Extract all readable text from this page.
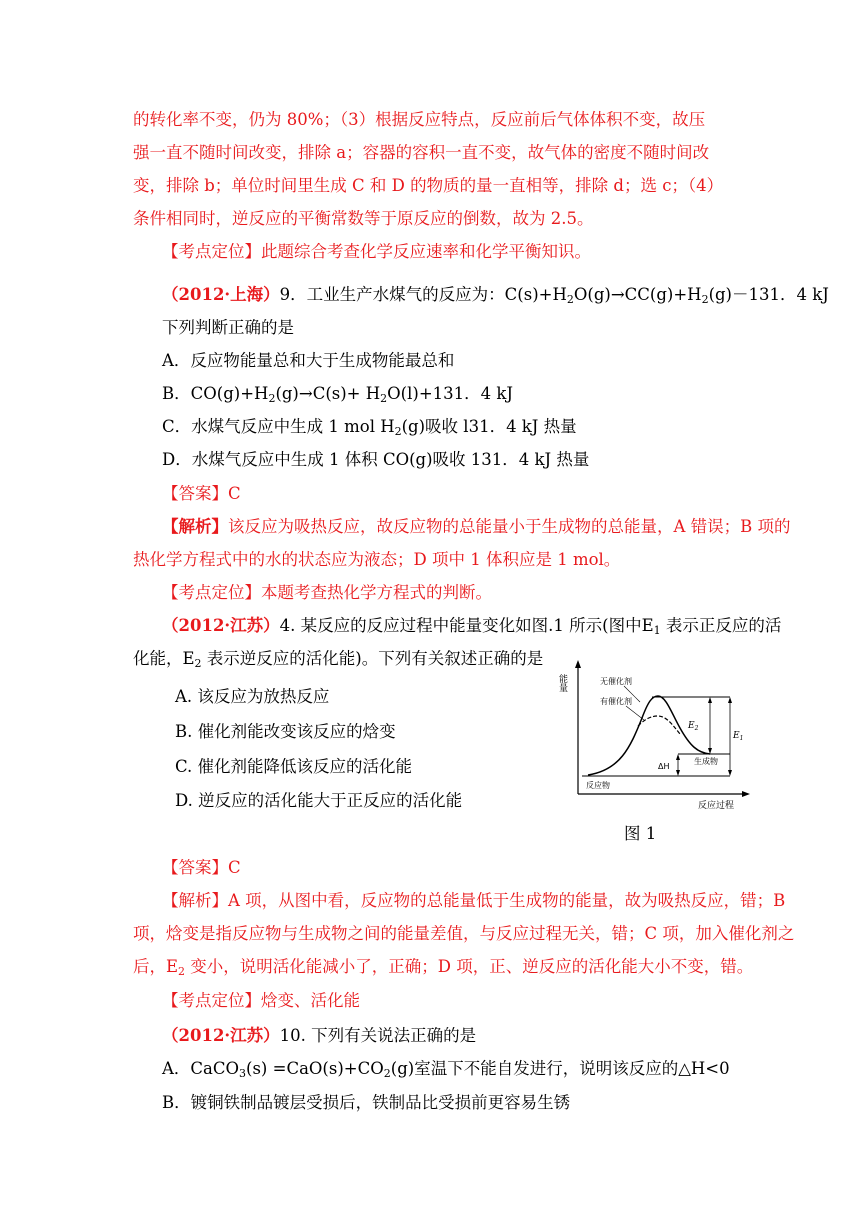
的转化率不变，仍为 80%；（3）根据反应特点，反应前后气体体积不变，故压
强一直不随时间改变，排除 a；容器的容积一直不变，故气体的密度不随时间改
变，排除 b；单位时间里生成 C 和 D 的物质的量一直相等，排除 d；选 c；（4）
条件相同时，逆反应的平衡常数等于原反应的倒数，故为 2.5。
【考点定位】此题综合考查化学反应速率和化学平衡知识。
（2012·上海）9．工业生产水煤气的反应为：$C(s)+H_2O(g)\to CC(g)+H_2(g)-131$．4 kJ
下列判断正确的是
A．反应物能量总和大于生成物能最总和
B．$CO(g)+H_2(g)\to C(s)+ H_2O(l)+131$．4 kJ
C．水煤气反应中生成 1 mol $H_2(g)$吸收 l31．4 kJ 热量
D．水煤气反应中生成 1 体积 CO(g)吸收 131．4 kJ 热量
【答案】C
【解析】该反应为吸热反应，故反应物的总能量小于生成物的总能量，A 错误；B 项的
热化学方程式中的水的状态应为液态；D 项中 1 体积应是 1 mol。
【考点定位】本题考查热化学方程式的判断。
（2012·江苏）4. 某反应的反应过程中能量变化如图.1 所示(图中$E_1$ 表示正反应的活
化能，$E_2$ 表示逆反应的活化能)。下列有关叙述正确的是
A. 该反应为放热反应
B. 催化剂能改变该反应的焓变
C. 催化剂能降低该反应的活化能
D. 逆反应的活化能大于正反应的活化能
能量
反应过程
无催化剂
有催化剂
生成物
反应物
$E_2$
$E_1$
ΔH
图 1
【答案】C
【解析】A 项，从图中看，反应物的总能量低于生成物的能量，故为吸热反应，错；B
项，焓变是指反应物与生成物之间的能量差值，与反应过程无关，错；C 项，加入催化剂之
后，$E_2$ 变小，说明活化能减小了，正确；D 项，正、逆反应的活化能大小不变，错。
【考点定位】焓变、活化能
（2012·江苏）10. 下列有关说法正确的是
A．CaCO$_3$(s) $=CaO(s)+CO_2(g)$室温下不能自发进行，说明该反应的△H<0
B．镀铜铁制品镀层受损后，铁制品比受损前更容易生锈
